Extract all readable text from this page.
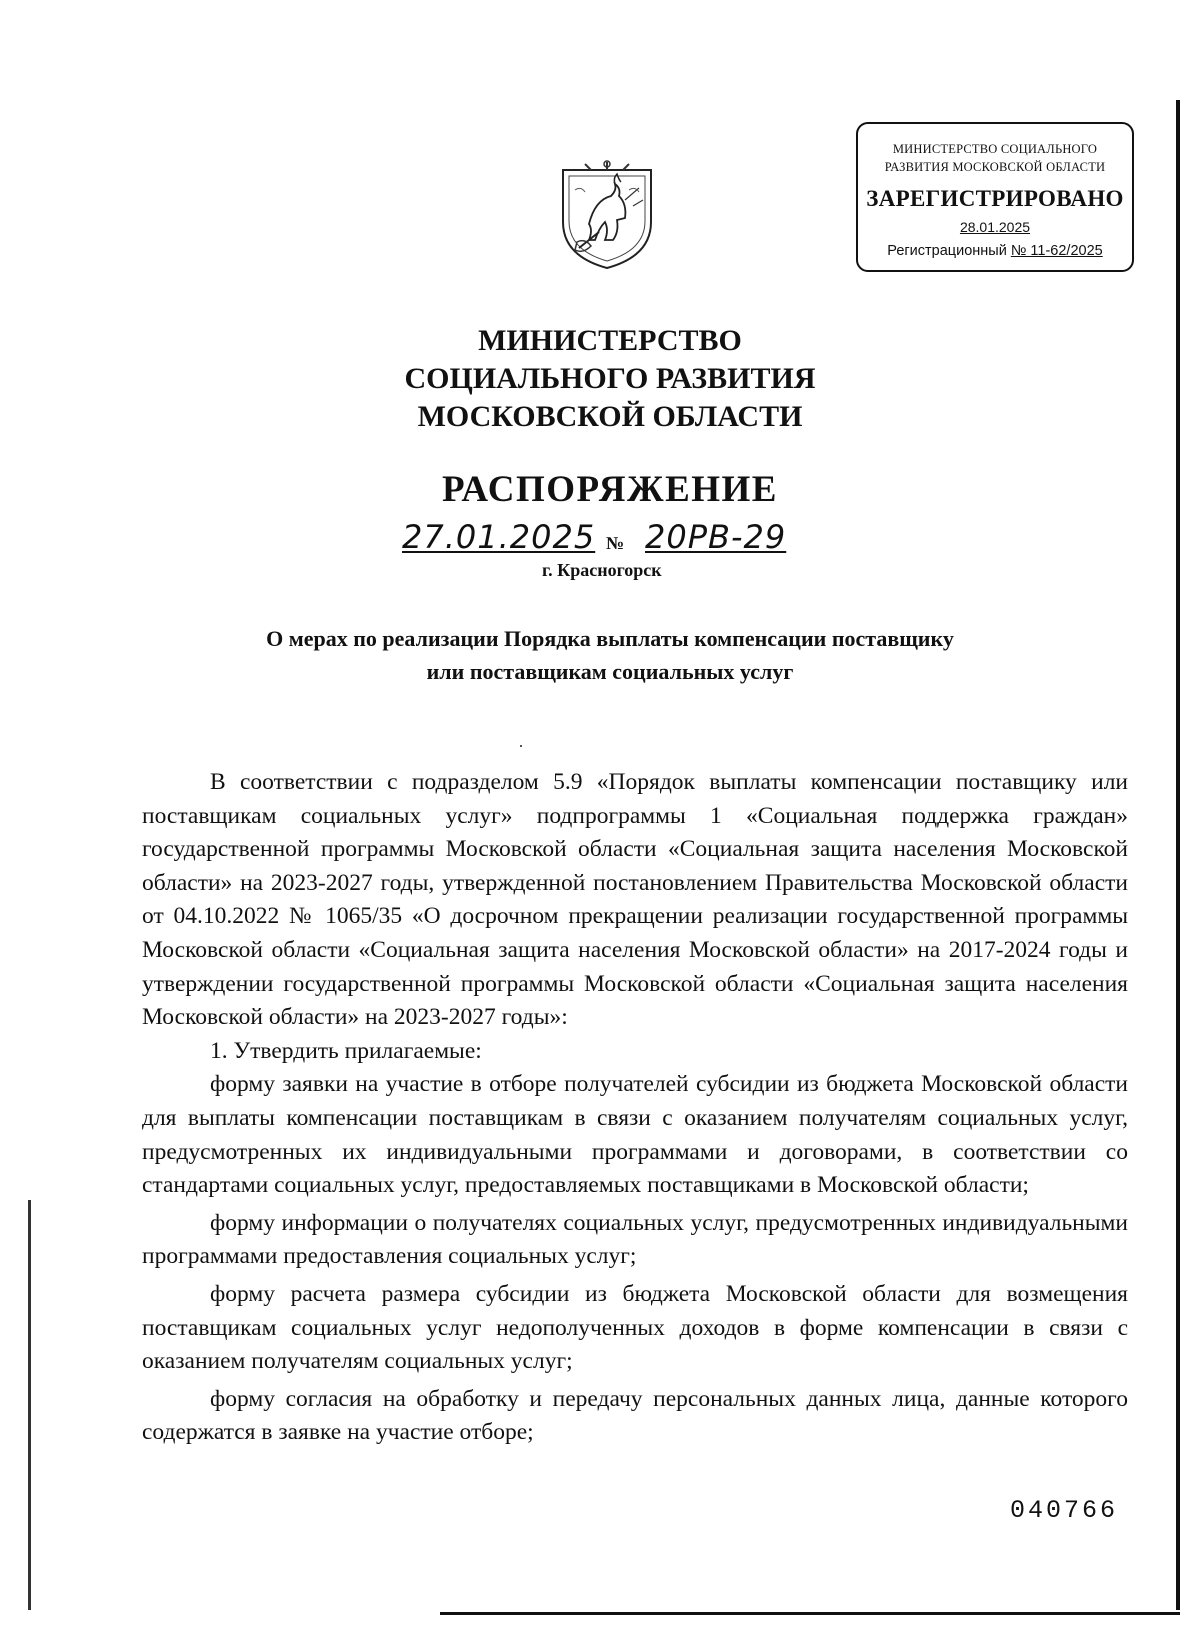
МИНИСТЕРСТВО СОЦИАЛЬНОГО
РАЗВИТИЯ МОСКОВСКОЙ ОБЛАСТИ
ЗАРЕГИСТРИРОВАНО
28.01.2025
Регистрационный № 11-62/2025
МИНИСТЕРСТВО
СОЦИАЛЬНОГО РАЗВИТИЯ
МОСКОВСКОЙ ОБЛАСТИ
РАСПОРЯЖЕНИЕ
27.01.2025 № 20РВ-29
г. Красногорск
О мерах по реализации Порядка выплаты компенсации поставщику
или поставщикам социальных услуг

В соответствии с подразделом 5.9 «Порядок выплаты компенсации поставщику или поставщикам социальных услуг» подпрограммы 1 «Социальная поддержка граждан» государственной программы Московской области «Социальная защита населения Московской области» на 2023-2027 годы, утвержденной постановлением Правительства Московской области от 04.10.2022 № 1065/35 «О досрочном прекращении реализации государственной программы Московской области «Социальная защита населения Московской области» на 2017-2024 годы и утверждении государственной программы Московской области «Социальная защита населения Московской области» на 2023-2027 годы»:

1. Утвердить прилагаемые:

форму заявки на участие в отборе получателей субсидии из бюджета Московской области для выплаты компенсации поставщикам в связи с оказанием получателям социальных услуг, предусмотренных их индивидуальными программами и договорами, в соответствии со стандартами социальных услуг, предоставляемых поставщиками в Московской области;

форму информации о получателях социальных услуг, предусмотренных индивидуальными программами предоставления социальных услуг;

форму расчета размера субсидии из бюджета Московской области для возмещения поставщикам социальных услуг недополученных доходов в форме компенсации в связи с оказанием получателям социальных услуг;

форму согласия на обработку и передачу персональных данных лица, данные которого содержатся в заявке на участие отборе;

040766
